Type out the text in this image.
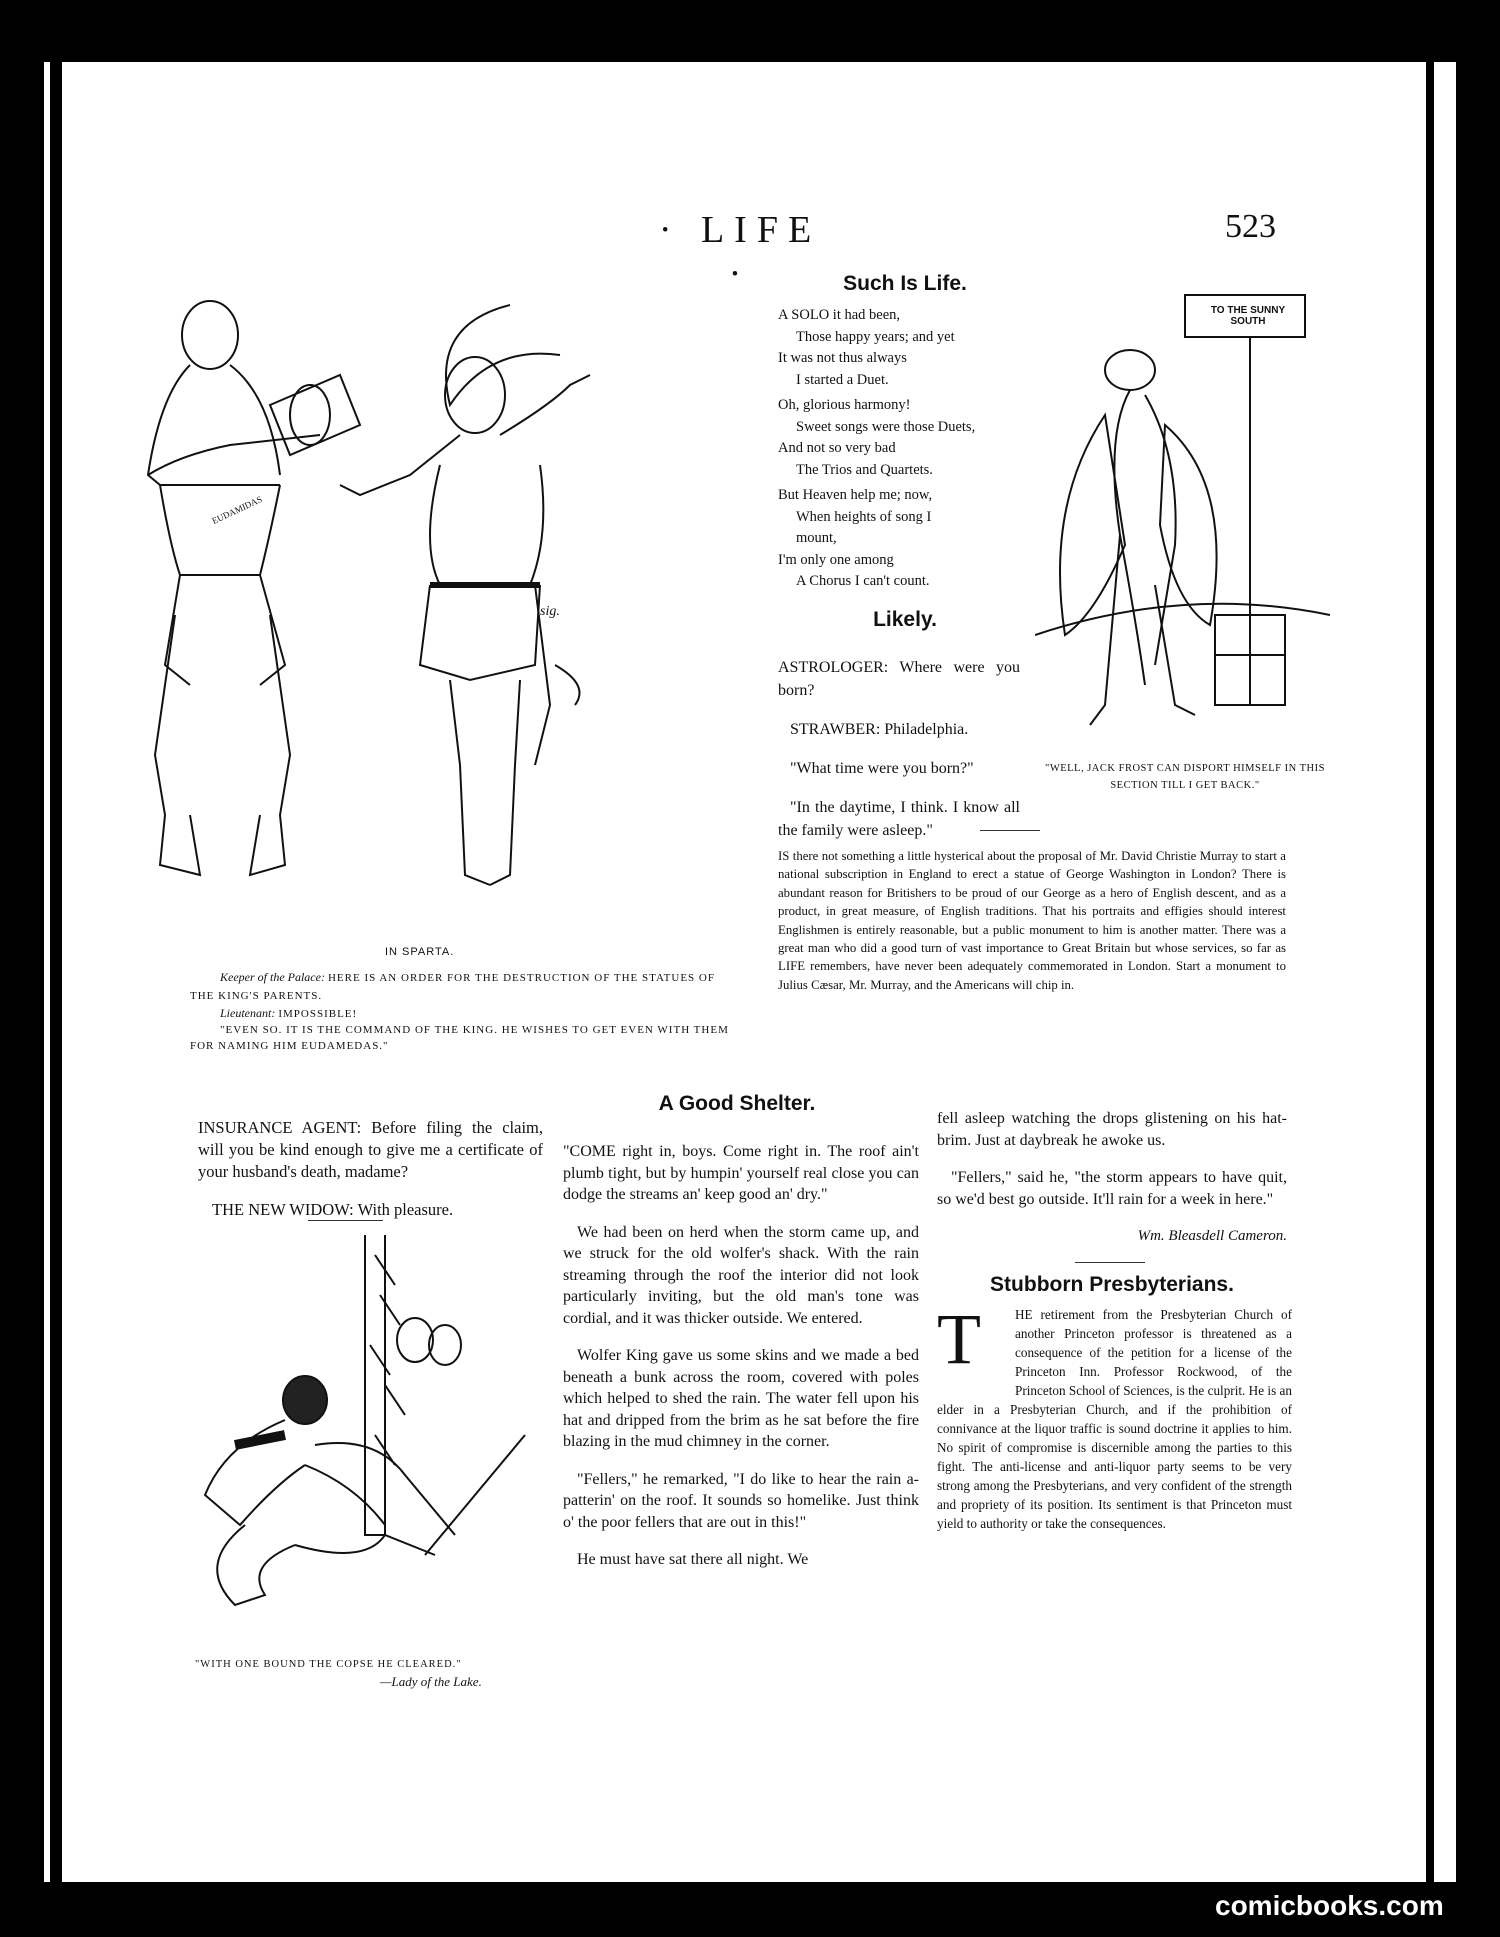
· LIFE ·
523
sig.
EUDAMIDAS
IN SPARTA.
Keeper of the Palace: HERE IS AN ORDER FOR THE DESTRUCTION OF THE STATUES OF THE KING'S PARENTS.
Lieutenant: IMPOSSIBLE!
"EVEN SO. IT IS THE COMMAND OF THE KING. HE WISHES TO GET EVEN WITH THEM FOR NAMING HIM EUDAMEDAS."
Such Is Life.
A SOLO it had been,
Those happy years; and yet
It was not thus always
I started a Duet.
Oh, glorious harmony!
Sweet songs were those Duets,
And not so very bad
The Trios and Quartets.
But Heaven help me; now,
When heights of song I
mount,
I'm only one among
A Chorus I can't count.
Likely.

ASTROLOGER: Where were you born?

STRAWBER: Philadelphia.

"What time were you born?"

"In the daytime, I think. I know all the family were asleep."

TO THE SUNNY SOUTH
"WELL, JACK FROST CAN DISPORT HIMSELF IN THIS SECTION TILL I GET BACK."
IS there not something a little hysterical about the proposal of Mr. David Christie Murray to start a national subscription in England to erect a statue of George Washington in London? There is abundant reason for Britishers to be proud of our George as a hero of English descent, and as a product, in great measure, of English traditions. That his portraits and effigies should interest Englishmen is entirely reasonable, but a public monument to him is another matter. There was a great man who did a good turn of vast importance to Great Britain but whose services, so far as LIFE remembers, have never been adequately commemorated in London. Start a monument to Julius Cæsar, Mr. Murray, and the Americans will chip in.

INSURANCE AGENT: Before filing the claim, will you be kind enough to give me a certificate of your husband's death, madame?

THE NEW WIDOW: With pleasure.

"WITH ONE BOUND THE COPSE HE CLEARED."
—Lady of the Lake.
A Good Shelter.

"COME right in, boys. Come right in. The roof ain't plumb tight, but by humpin' yourself real close you can dodge the streams an' keep good an' dry."

We had been on herd when the storm came up, and we struck for the old wolfer's shack. With the rain streaming through the roof the interior did not look particularly inviting, but the old man's tone was cordial, and it was thicker outside. We entered.

Wolfer King gave us some skins and we made a bed beneath a bunk across the room, covered with poles which helped to shed the rain. The water fell upon his hat and dripped from the brim as he sat before the fire blazing in the mud chimney in the corner.

"Fellers," he remarked, "I do like to hear the rain a-patterin' on the roof. It sounds so homelike. Just think o' the poor fellers that are out in this!"

He must have sat there all night. We

fell asleep watching the drops glistening on his hat-brim. Just at daybreak he awoke us.

"Fellers," said he, "the storm appears to have quit, so we'd best go outside. It'll rain for a week in here."

Wm. Bleasdell Cameron.
Stubborn Presbyterians.
T	HE retirement from the Presbyterian Church of another Princeton professor is threatened as a consequence of the petition for a license of the Princeton Inn. Professor Rockwood, of the Princeton School of Sciences, is the culprit. He is an elder in a Presbyterian Church, and if the prohibition of connivance at the liquor traffic is sound doctrine it applies to him. No spirit of compromise is discernible among the parties to this fight. The anti-license and anti-liquor party seems to be very strong among the Presbyterians, and very confident of the strength and propriety of its position. Its sentiment is that Princeton must yield to authority or take the consequences.
comicbooks.com
